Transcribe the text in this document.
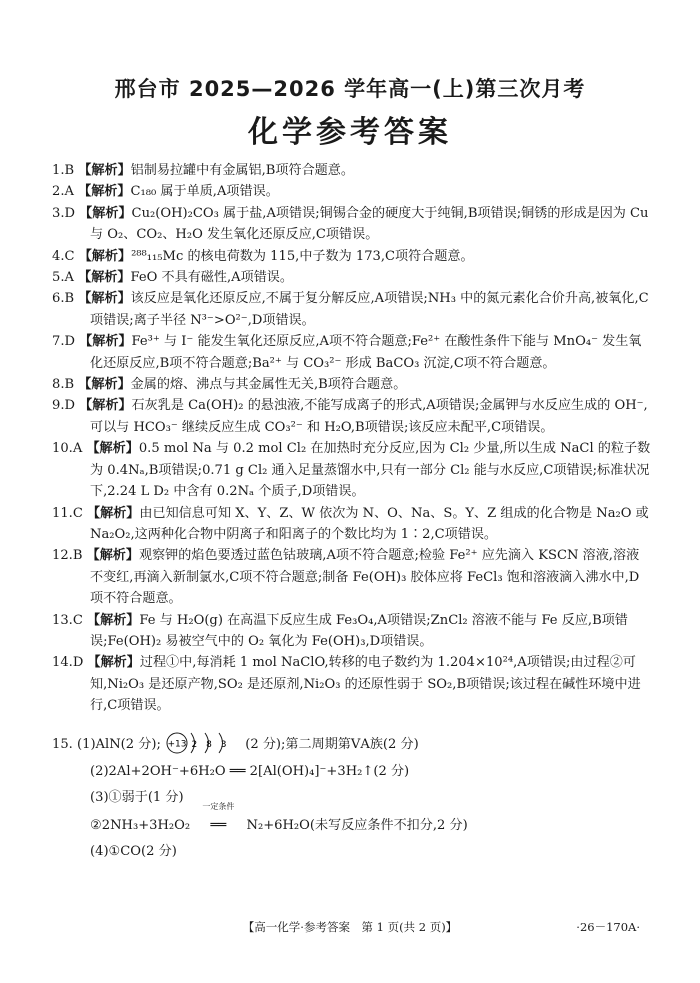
邢台市 2025—2026 学年高一(上)第三次月考
化学参考答案
1.B 【解析】铝制易拉罐中有金属铝,B项符合题意。
2.A 【解析】C₁₈₀ 属于单质,A项错误。
3.D 【解析】Cu₂(OH)₂CO₃ 属于盐,A项错误;铜锡合金的硬度大于纯铜,B项错误;铜锈的形成是因为 Cu 与 O₂、CO₂、H₂O 发生氧化还原反应,C项错误。
4.C 【解析】²⁸⁸₁₁₅Mc 的核电荷数为 115,中子数为 173,C项符合题意。
5.A 【解析】FeO 不具有磁性,A项错误。
6.B 【解析】该反应是氧化还原反应,不属于复分解反应,A项错误;NH₃ 中的氮元素化合价升高,被氧化,C项错误;离子半径 N³⁻>O²⁻,D项错误。
7.D 【解析】Fe³⁺ 与 I⁻ 能发生氧化还原反应,A项不符合题意;Fe²⁺ 在酸性条件下能与 MnO₄⁻ 发生氧化还原反应,B项不符合题意;Ba²⁺ 与 CO₃²⁻ 形成 BaCO₃ 沉淀,C项不符合题意。
8.B 【解析】金属的熔、沸点与其金属性无关,B项符合题意。
9.D 【解析】石灰乳是 Ca(OH)₂ 的悬浊液,不能写成离子的形式,A项错误;金属钾与水反应生成的 OH⁻,可以与 HCO₃⁻ 继续反应生成 CO₃²⁻ 和 H₂O,B项错误;该反应未配平,C项错误。
10.A 【解析】0.5 mol Na 与 0.2 mol Cl₂ 在加热时充分反应,因为 Cl₂ 少量,所以生成 NaCl 的粒子数为 0.4Nₐ,B项错误;0.71 g Cl₂ 通入足量蒸馏水中,只有一部分 Cl₂ 能与水反应,C项错误;标准状况下,2.24 L D₂ 中含有 0.2Nₐ 个质子,D项错误。
11.C 【解析】由已知信息可知 X、Y、Z、W 依次为 N、O、Na、S。Y、Z 组成的化合物是 Na₂O 或 Na₂O₂,这两种化合物中阴离子和阳离子的个数比均为 1∶2,C项错误。
12.B 【解析】观察钾的焰色要透过蓝色钴玻璃,A项不符合题意;检验 Fe²⁺ 应先滴入 KSCN 溶液,溶液不变红,再滴入新制氯水,C项不符合题意;制备 Fe(OH)₃ 胶体应将 FeCl₃ 饱和溶液滴入沸水中,D项不符合题意。
13.C 【解析】Fe 与 H₂O(g) 在高温下反应生成 Fe₃O₄,A项错误;ZnCl₂ 溶液不能与 Fe 反应,B项错误;Fe(OH)₂ 易被空气中的 O₂ 氧化为 Fe(OH)₃,D项错误。
14.D 【解析】过程①中,每消耗 1 mol NaClO,转移的电子数约为 1.204×10²⁴,A项错误;由过程②可知,Ni₂O₃ 是还原产物,SO₂ 是还原剂,Ni₂O₃ 的还原性弱于 SO₂,B项错误;该过程在碱性环境中进行,C项错误。
15. (1)AlN(2 分); +13 2 8 3 (2 分);第二周期第ⅤA族(2 分)
(2)2Al+2OH⁻+6H₂O ══ 2[Al(OH)₄]⁻+3H₂↑(2 分)
(3)①弱于(1 分)
②2NH₃+3H₂O₂
一定条件
══ N₂+6H₂O(未写反应条件不扣分,2 分)
(4)①CO(2 分)
【高一化学·参考答案　第 1 页(共 2 页)】	·26－170A·
